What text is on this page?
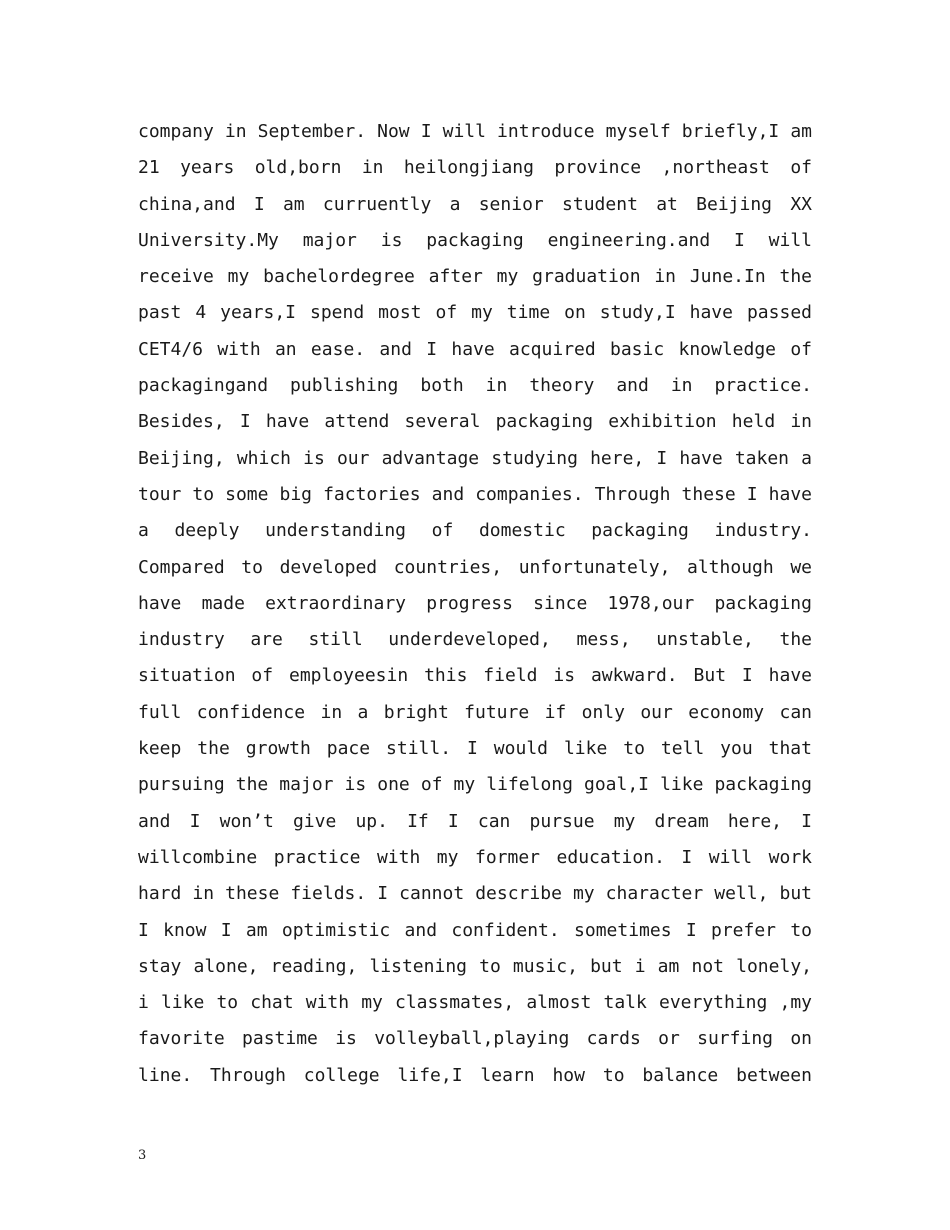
company in September. Now I will introduce myself briefly,I am
21 years old,born in heilongjiang province ,northeast of
china,and I am curruently a senior student at Beijing XX
University.My major is packaging engineering.and I will
receive my bachelordegree after my graduation in June.In the
past 4 years,I spend most of my time on study,I have passed
CET4/6 with an ease. and I have acquired basic knowledge of
packagingand publishing both in theory and in practice.
Besides, I have attend several packaging exhibition held in
Beijing, which is our advantage studying here, I have taken a
tour to some big factories and companies. Through these I have
a deeply understanding of domestic packaging industry.
Compared to developed countries, unfortunately, although we
have made extraordinary progress since 1978,our packaging
industry are still underdeveloped, mess, unstable, the
situation of employeesin this field is awkward. But I have
full confidence in a bright future if only our economy can
keep the growth pace still. I would like to tell you that
pursuing the major is one of my lifelong goal,I like packaging
and I won’t give up. If I can pursue my dream here, I
willcombine practice with my former education. I will work
hard in these fields. I cannot describe my character well, but
I know I am optimistic and confident. sometimes I prefer to
stay alone, reading, listening to music, but i am not lonely,
i like to chat with my classmates, almost talk everything ,my
favorite pastime is volleyball,playing cards or surfing on
line. Through college life,I learn how to balance between
3
